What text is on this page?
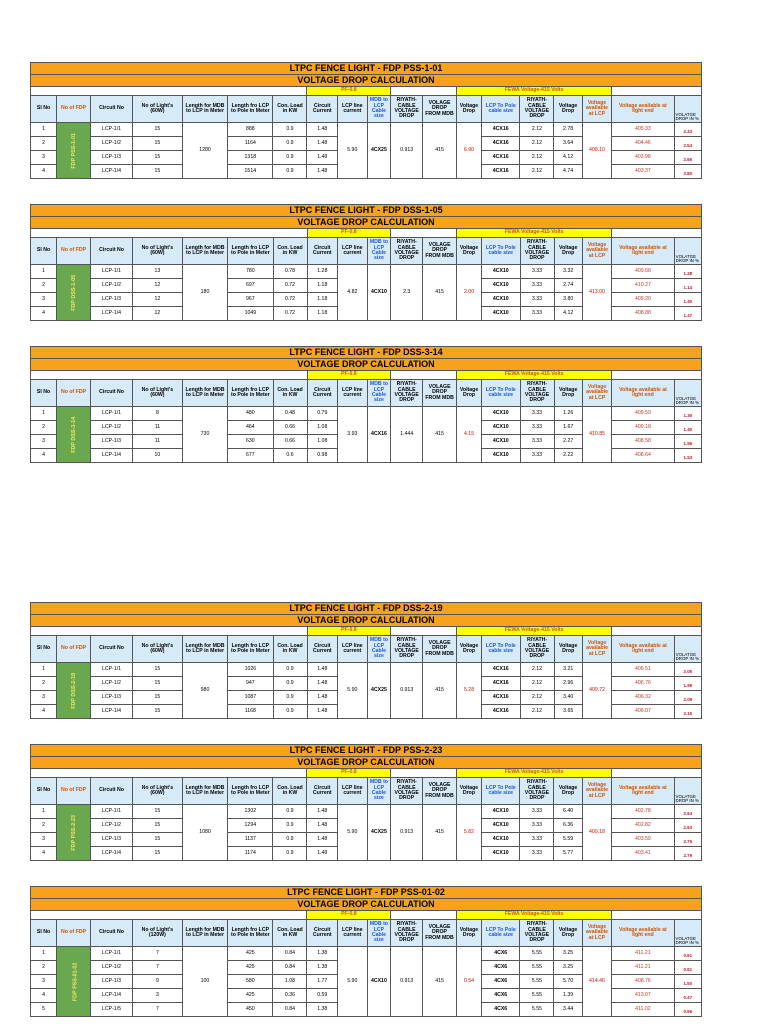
LTPC FENCE LIGHT - FDP PSS-1-01																		
VOLTAGE DROP CALCULATION																		
							PF-0.8					FEWA Voltage-415 Volts						
Sl No	No of FDP	Circuit No	No of Light's (60W)	Length for MDB to LCP in Meter	Length fro LCP to Pole in Meter	Con. Load in KW	Circuit Current	LCP line current	MDB to LCP Cable size	RIYATH-CABLE VOLTAGE DROP	VOLAGE DROP FROM MDB	Voltage Drop	LCP To Pole cable size	RIYATH-CABLE VOLTAGE DROP	Voltage Drop	Voltage available at LCP	Voltage available at light end	VOLATGE DROP IN %
1	FDP PSS-1-01	LCP-1/1	15	1280	888	0.9	1.48	5.90	4CX25	0.913	415	6.90	4CX16	2.12	2.78	408.10	405.33	2.33
2		LCP-1/2	15		1164	0.9	1.48						4CX16	2.12	3.64		404.46	2.54
3		LCP-1/3	15		1318	0.9	1.48						4CX16	2.12	4.12		403.98	2.66
4		LCP-1/4	15		1514	0.9	1.48						4CX16	2.12	4.74		403.37	2.80
LTPC FENCE LIGHT - FDP DSS-1-05																		
VOLTAGE DROP CALCULATION																		
							PF-0.8					FEWA Voltage-415 Volts						
Sl No	No of FDP	Circuit No	No of Light's (60W)	Length for MDB to LCP in Meter	Length fro LCP to Pole in Meter	Con. Load in KW	Circuit Current	LCP line current	MDB to LCP Cable size	RIYATH-CABLE VOLTAGE DROP	VOLAGE DROP FROM MDB	Voltage Drop	LCP To Pole cable size	RIYATH-CABLE VOLTAGE DROP	Voltage Drop	Voltage available at LCP	Voltage available at light end	VOLATGE DROP IN %
1	FDP DSS-1-05	LCP-1/1	13	180	780	0.78	1.28	4.82	4CX10	2.3	415	2.00	4CX10	3.33	3.32	413.00	409.68	1.28
2		LCP-1/2	12		697	0.72	1.18						4CX10	3.33	2.74		410.27	1.14
3		LCP-1/3	12		967	0.72	1.18						4CX10	3.33	3.80		409.20	1.40
4		LCP-1/4	12		1049	0.72	1.18						4CX10	3.33	4.12		408.88	1.47
LTPC FENCE LIGHT - FDP DSS-3-14																		
VOLTAGE DROP CALCULATION																		
							PF-0.8					FEWA Voltage-415 Volts						
Sl No	No of FDP	Circuit No	No of Light's (60W)	Length for MDB to LCP in Meter	Length fro LCP to Pole in Meter	Con. Load in KW	Circuit Current	LCP line current	MDB to LCP Cable size	RIYATH-CABLE VOLTAGE DROP	VOLAGE DROP FROM MDB	Voltage Drop	LCP To Pole cable size	RIYATH-CABLE VOLTAGE DROP	Voltage Drop	Voltage available at LCP	Voltage available at light end	VOLATGE DROP IN %
1	FDP DSS-3-14	LCP-1/1	8	730	480	0.48	0.79	3.93	4CX16	1.444	415	4.15	4CX10	3.33	1.26	410.85	409.59	1.30
2		LCP-1/2	11		464	0.66	1.08						4CX10	3.33	1.67		409.18	1.40
3		LCP-1/3	11		630	0.66	1.08						4CX10	3.33	2.27		408.58	1.55
4		LCP-1/4	10		677	0.6	0.98						4CX10	3.33	2.22		408.64	1.53
LTPC FENCE LIGHT - FDP DSS-2-19																		
VOLTAGE DROP CALCULATION																		
							PF-0.8					FEWA Voltage-415 Volts						
Sl No	No of FDP	Circuit No	No of Light's (60W)	Length for MDB to LCP in Meter	Length fro LCP to Pole in Meter	Con. Load in KW	Circuit Current	LCP line current	MDB to LCP Cable size	RIYATH-CABLE VOLTAGE DROP	VOLAGE DROP FROM MDB	Voltage Drop	LCP To Pole cable size	RIYATH-CABLE VOLTAGE DROP	Voltage Drop	Voltage available at LCP	Voltage available at light end	VOLATGE DROP IN %
1	FDP DSS-2-19	LCP-1/1	15	980	1026	0.9	1.48	5.90	4CX25	0.913	415	5.28	4CX16	2.12	3.21	409.72	406.51	2.05
2		LCP-1/2	15		947	0.9	1.48						4CX16	2.12	2.96		406.76	1.99
3		LCP-1/3	15		1087	0.9	1.48						4CX16	2.12	3.40		406.32	2.09
4		LCP-1/4	15		1168	0.9	1.48						4CX16	2.12	3.65		406.07	2.15
LTPC FENCE LIGHT - FDP PSS-2-23																		
VOLTAGE DROP CALCULATION																		
							PF-0.8					FEWA Voltage-415 Volts						
Sl No	No of FDP	Circuit No	No of Light's (60W)	Length for MDB to LCP in Meter	Length fro LCP to Pole in Meter	Con. Load in KW	Circuit Current	LCP line current	MDB to LCP Cable size	RIYATH-CABLE VOLTAGE DROP	VOLAGE DROP FROM MDB	Voltage Drop	LCP To Pole cable size	RIYATH-CABLE VOLTAGE DROP	Voltage Drop	Voltage available at LCP	Voltage available at light end	VOLATGE DROP IN %
1	FDP PSS-2-23	LCP-1/1	15	1080	1302	0.9	1.48	5.90	4CX25	0.913	415	5.82	4CX10	3.33	6.40	409.18	402.78	2.94
2		LCP-1/2	15		1294	0.9	1.48						4CX10	3.33	6.36		402.82	2.93
3		LCP-1/3	15		1137	0.9	1.48						4CX10	3.33	5.59		403.59	2.75
4		LCP-1/4	15		1174	0.9	1.48						4CX10	3.33	5.77		403.41	2.79
LTPC FENCE LIGHT - FDP PSS-01-02																		
VOLTAGE DROP CALCULATION																		
							PF-0.8					FEWA Voltage-415 Volts						
Sl No	No of FDP	Circuit No	No of Light's (120W)	Length for MDB to LCP in Meter	Length fro LCP to Pole in Meter	Con. Load in KW	Circuit Current	LCP line current	MDB to LCP Cable size	RIYATH-CABLE VOLTAGE DROP	VOLAGE DROP FROM MDB	Voltage Drop	LCP To Pole cable size	RIYATH-CABLE VOLTAGE DROP	Voltage Drop	Voltage available at LCP	Voltage available at light end	VOLATGE DROP IN %
1	FDP PSS-01-02	LCP-1/1	7	100	425	0.84	1.38	5.90	4CX10	0.913	415	0.54	4CX6	5.55	3.25	414.46	411.21	0.91
2		LCP-1/2	7		425	0.84	1.38						4CX6	5.55	3.25		411.21	0.91
3		LCP-1/3	9		580	1.08	1.77						4CX6	5.55	5.70		408.76	1.50
4		LCP-1/4	3		425	0.36	0.59						4CX6	5.55	1.39		413.07	0.47
5		LCP-1/5	7		450	0.84	1.38						4CX6	5.55	3.44		411.02	0.96
